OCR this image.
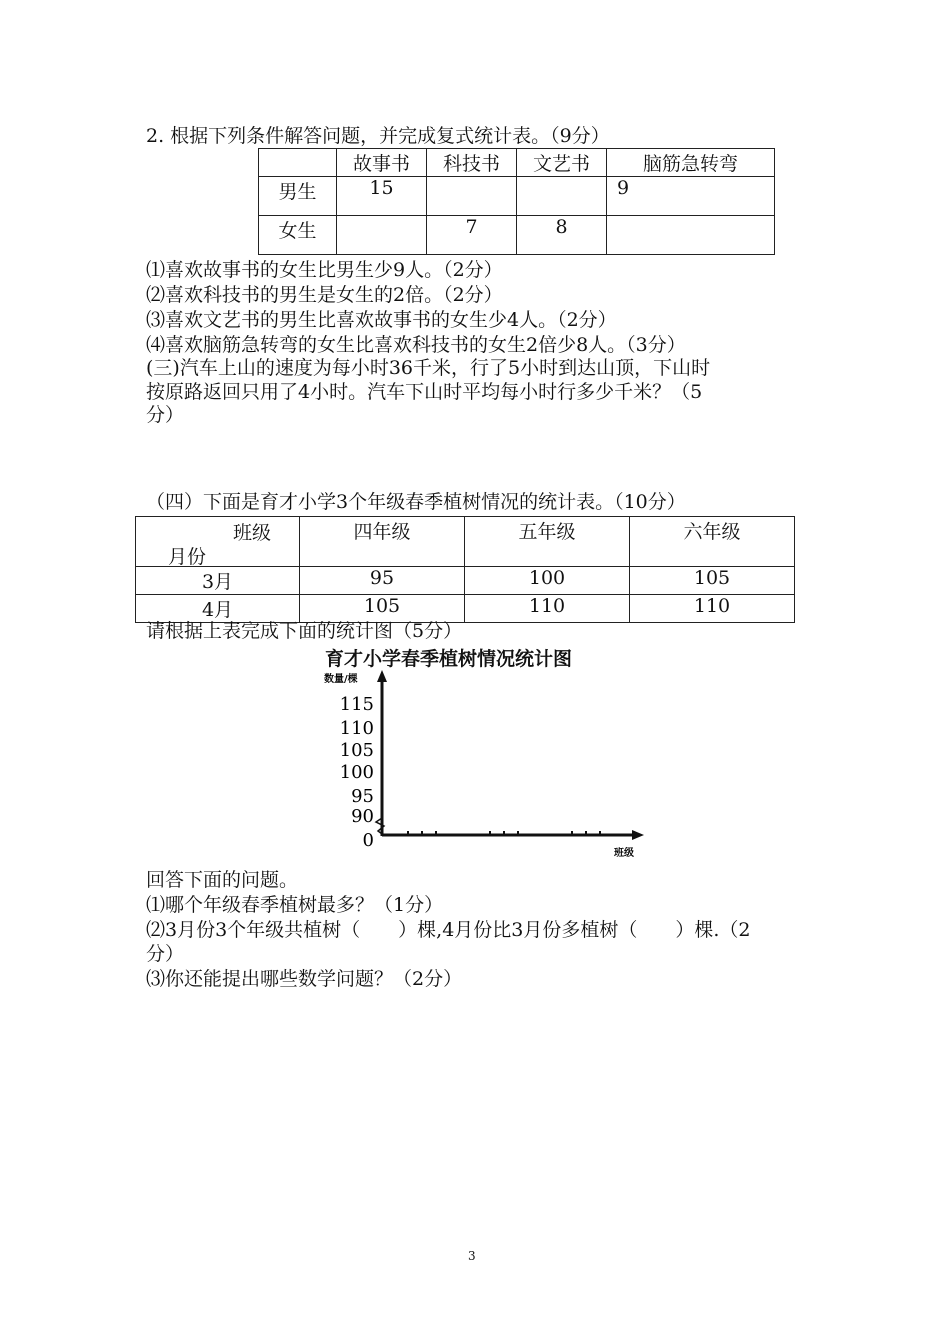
2. 根据下列条件解答问题，并完成复式统计表。（9分）
	故事书	科技书	文艺书	脑筋急转弯
男生	15			9
女生		7	8	
⑴喜欢故事书的女生比男生少9人。（2分）
⑵喜欢科技书的男生是女生的2倍。（2分）
⑶喜欢文艺书的男生比喜欢故事书的女生少4人。（2分）
⑷喜欢脑筋急转弯的女生比喜欢科技书的女生2倍少8人。（3分）
(三)汽车上山的速度为每小时36千米，行了5小时到达山顶，下山时
按原路返回只用了4小时。汽车下山时平均每小时行多少千米？（5
分）
（四）下面是育才小学3个年级春季植树情况的统计表。（10分）
班级
月份	四年级	五年级	六年级
3月	95	100	105
4月	105	110	110
请根据上表完成下面的统计图（5分）
育才小学春季植树情况统计图
数量/棵
班级
0
90
95
100
105
110
115
回答下面的问题。
⑴哪个年级春季植树最多？（1分）
⑵3月份3个年级共植树（　　）棵,4月份比3月份多植树（　　）棵.（2
分）
⑶你还能提出哪些数学问题？（2分）
3
